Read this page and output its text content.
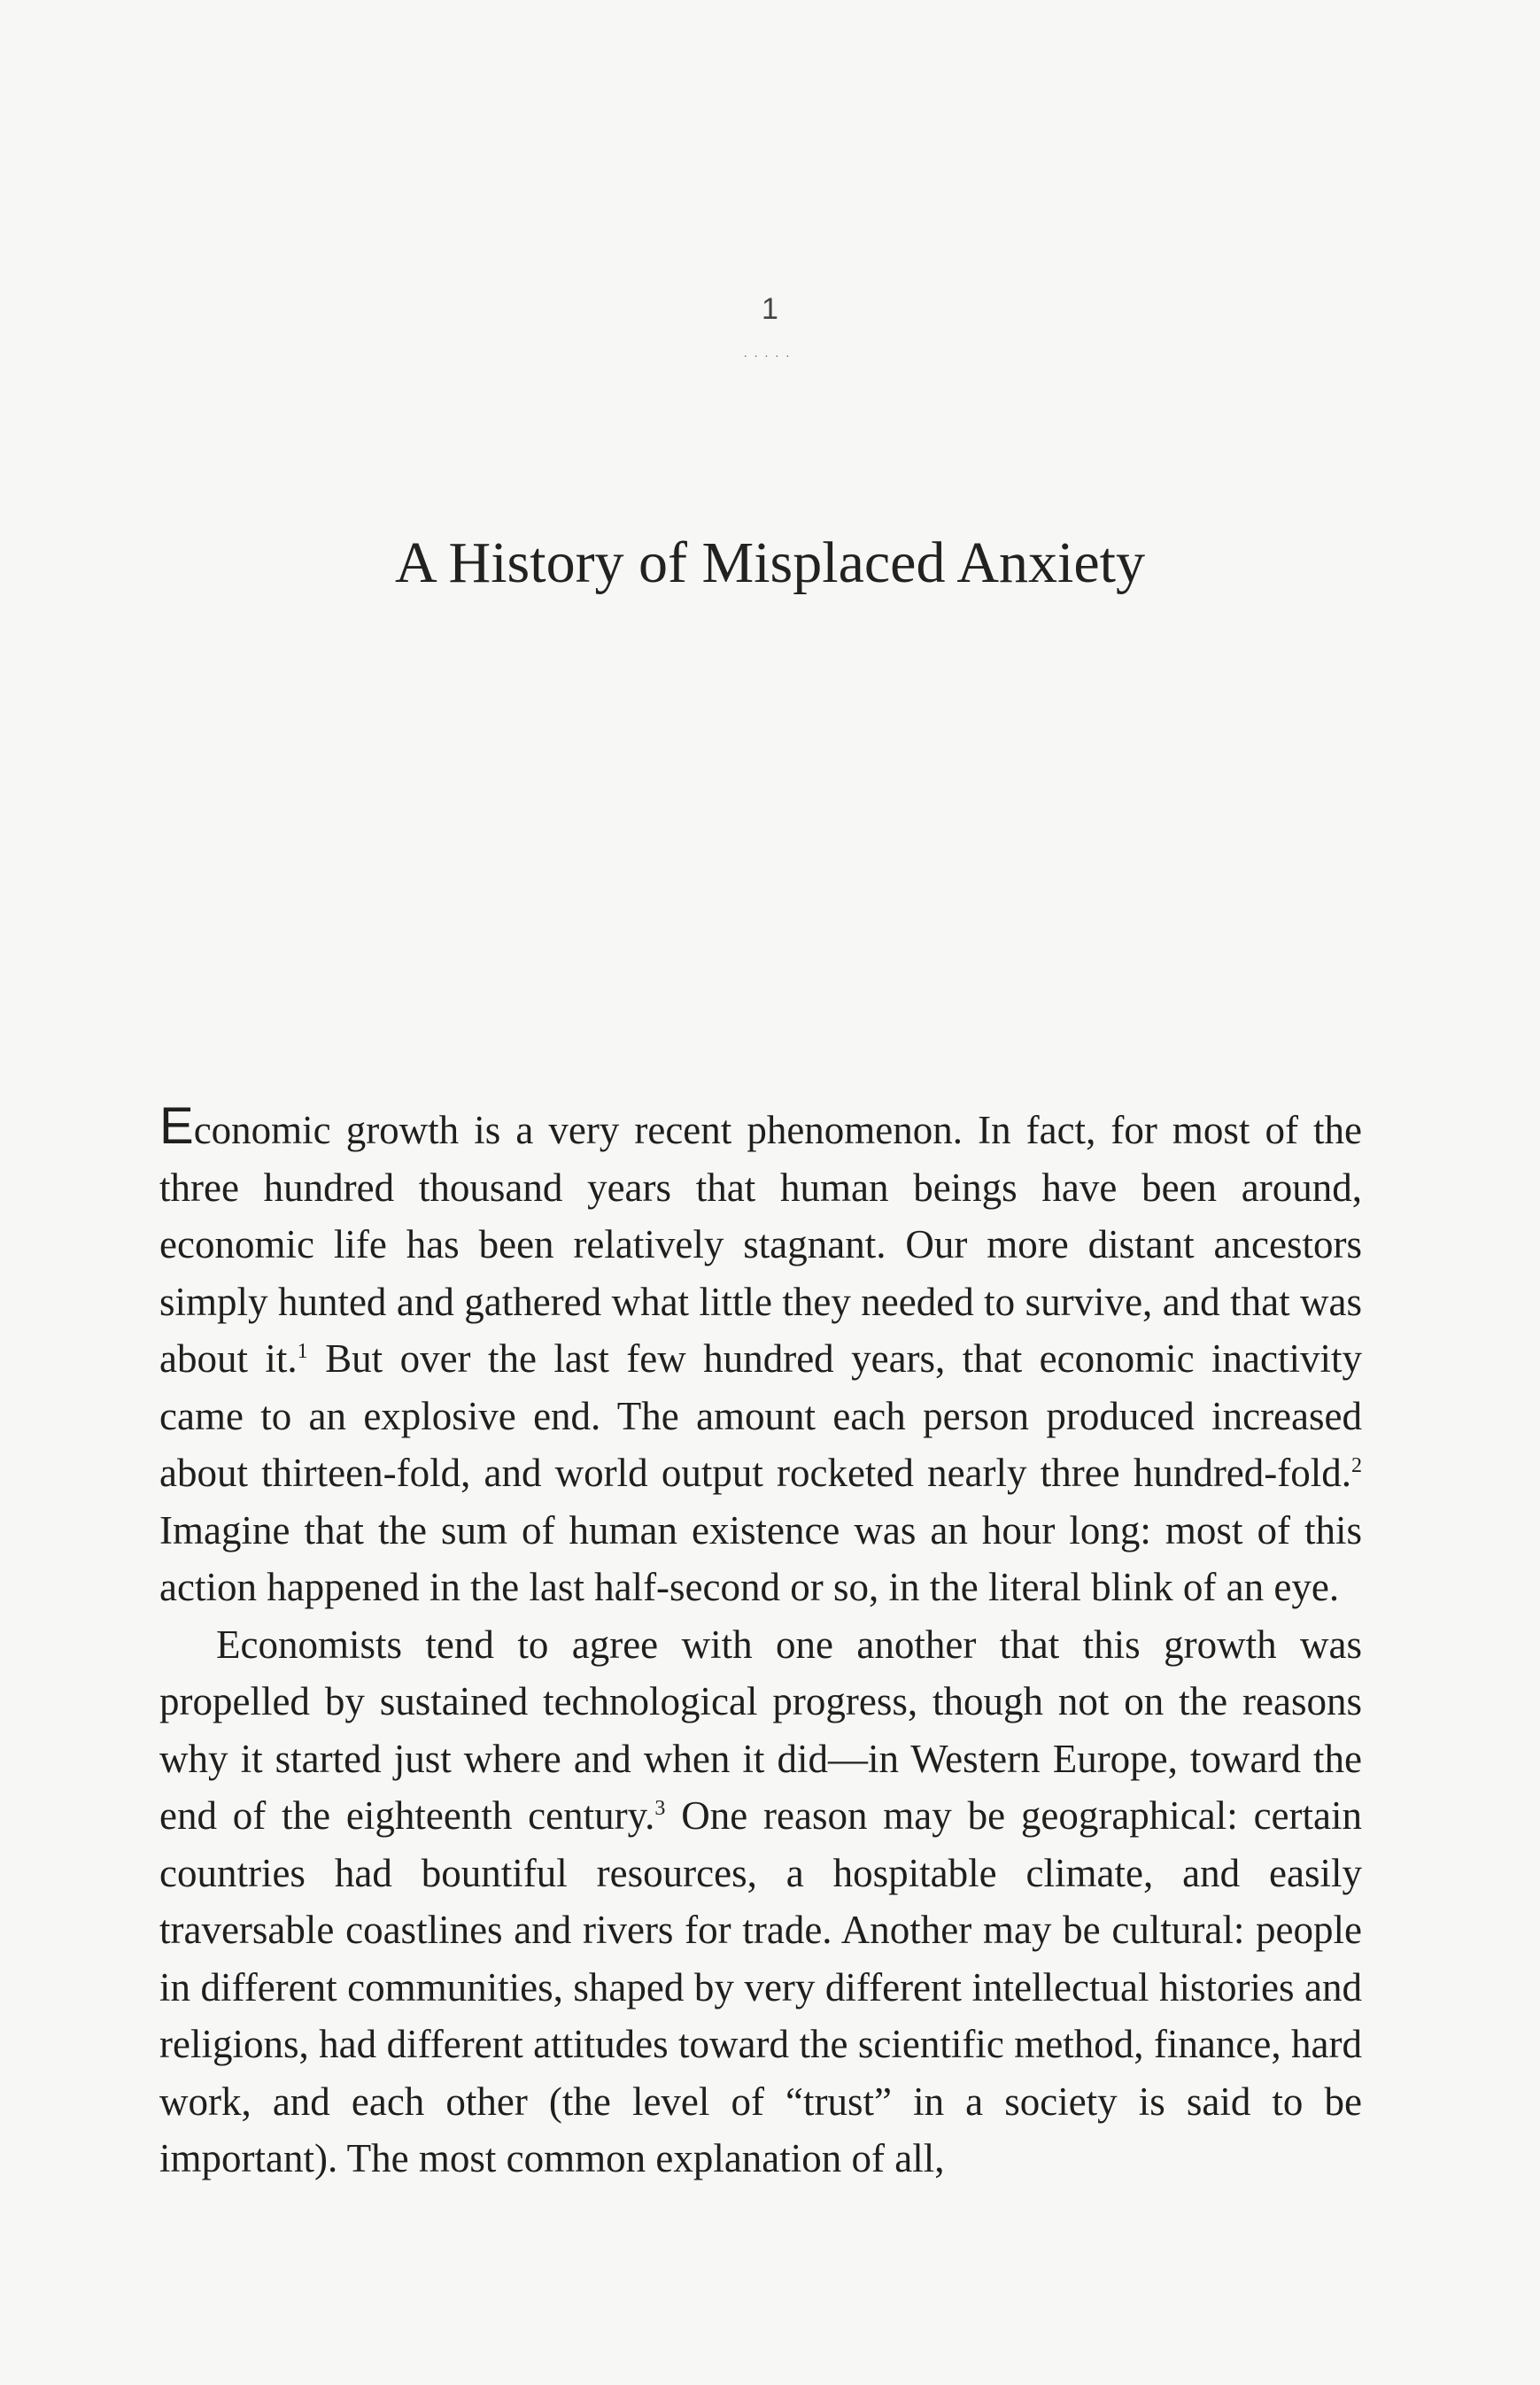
1
.....
A History of Misplaced Anxiety

Economic growth is a very recent phenomenon. In fact, for most of the three hundred thousand years that human beings have been around, economic life has been relatively stagnant. Our more distant ancestors simply hunted and gathered what little they needed to survive, and that was about it.$^1$ But over the last few hundred years, that economic inactivity came to an explosive end. The amount each person produced increased about thirteen-fold, and world output rocketed nearly three hundred-fold.$^2$ Imagine that the sum of human existence was an hour long: most of this action happened in the last half-second or so, in the literal blink of an eye.

Economists tend to agree with one another that this growth was propelled by sustained technological progress, though not on the reasons why it started just where and when it did—in Western Europe, toward the end of the eighteenth century.$^3$ One reason may be geographical: certain countries had bountiful resources, a hospitable climate, and easily traversable coastlines and rivers for trade. Another may be cultural: people in different communities, shaped by very different intellectual histories and religions, had different attitudes toward the scientific method, finance, hard work, and each other (the level of “trust” in a society is said to be important). The most common explanation of all,
